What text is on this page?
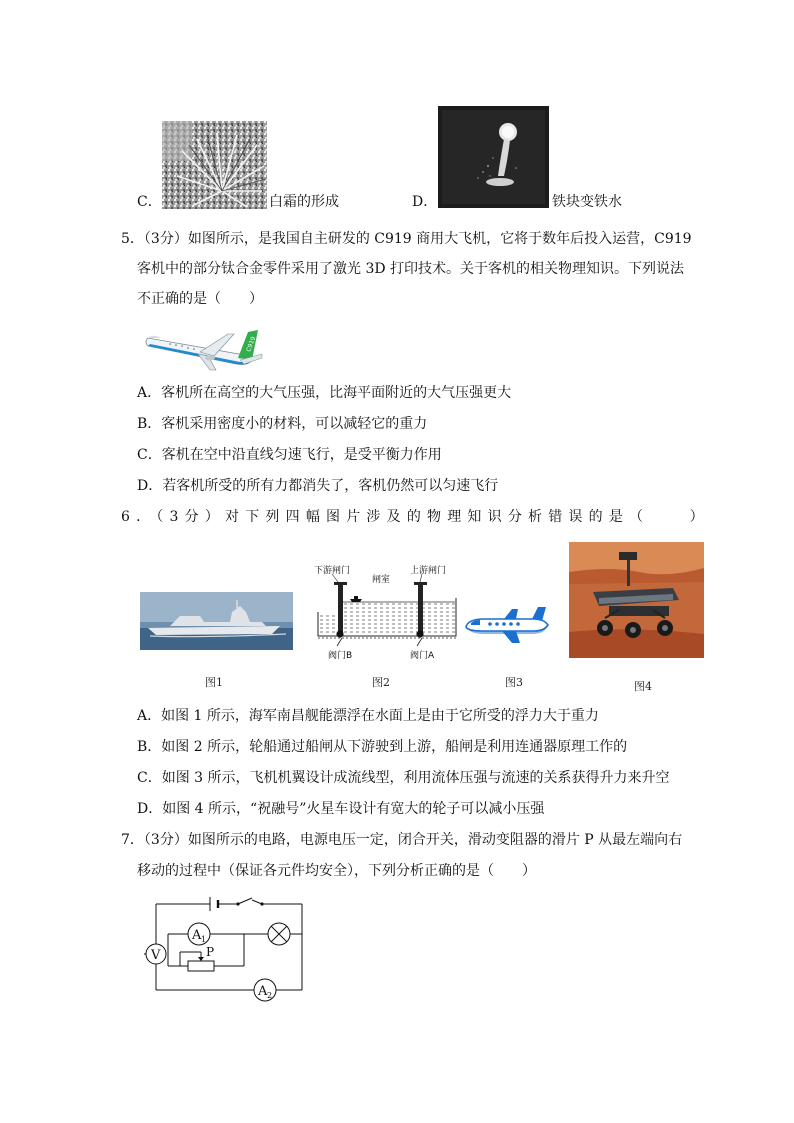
C．	白霜的形成	D．	铁块变铁水
5．（3分）如图所示，是我国自主研发的 C919 商用大飞机，它将于数年后投入运营，C919
客机中的部分钛合金零件采用了激光 3D 打印技术。关于客机的相关物理知识。下列说法
不正确的是（　　）
C919
A．客机所在高空的大气压强，比海平面附近的大气压强更大
B．客机采用密度小的材料，可以减轻它的重力
C．客机在空中沿直线匀速飞行，是受平衡力作用
D．若客机所受的所有力都消失了，客机仍然可以匀速飞行
6．（3分）对下列四幅图片涉及的物理知识分析错误的是（　　）
图1
下游闸门	上游闸门
闸室
阀门B	阀门A
图2	图3	图4
A．如图 1 所示，海军南昌舰能漂浮在水面上是由于它所受的浮力大于重力
B．如图 2 所示，轮船通过船闸从下游驶到上游，船闸是利用连通器原理工作的
C．如图 3 所示，飞机机翼设计成流线型，利用流体压强与流速的关系获得升力来升空
D．如图 4 所示，“祝融号”火星车设计有宽大的轮子可以减小压强
7．（3分）如图所示的电路，电源电压一定，闭合开关，滑动变阻器的滑片 P 从最左端向右
移动的过程中（保证各元件均安全），下列分析正确的是（　　）
V
A 1
P
A 2
